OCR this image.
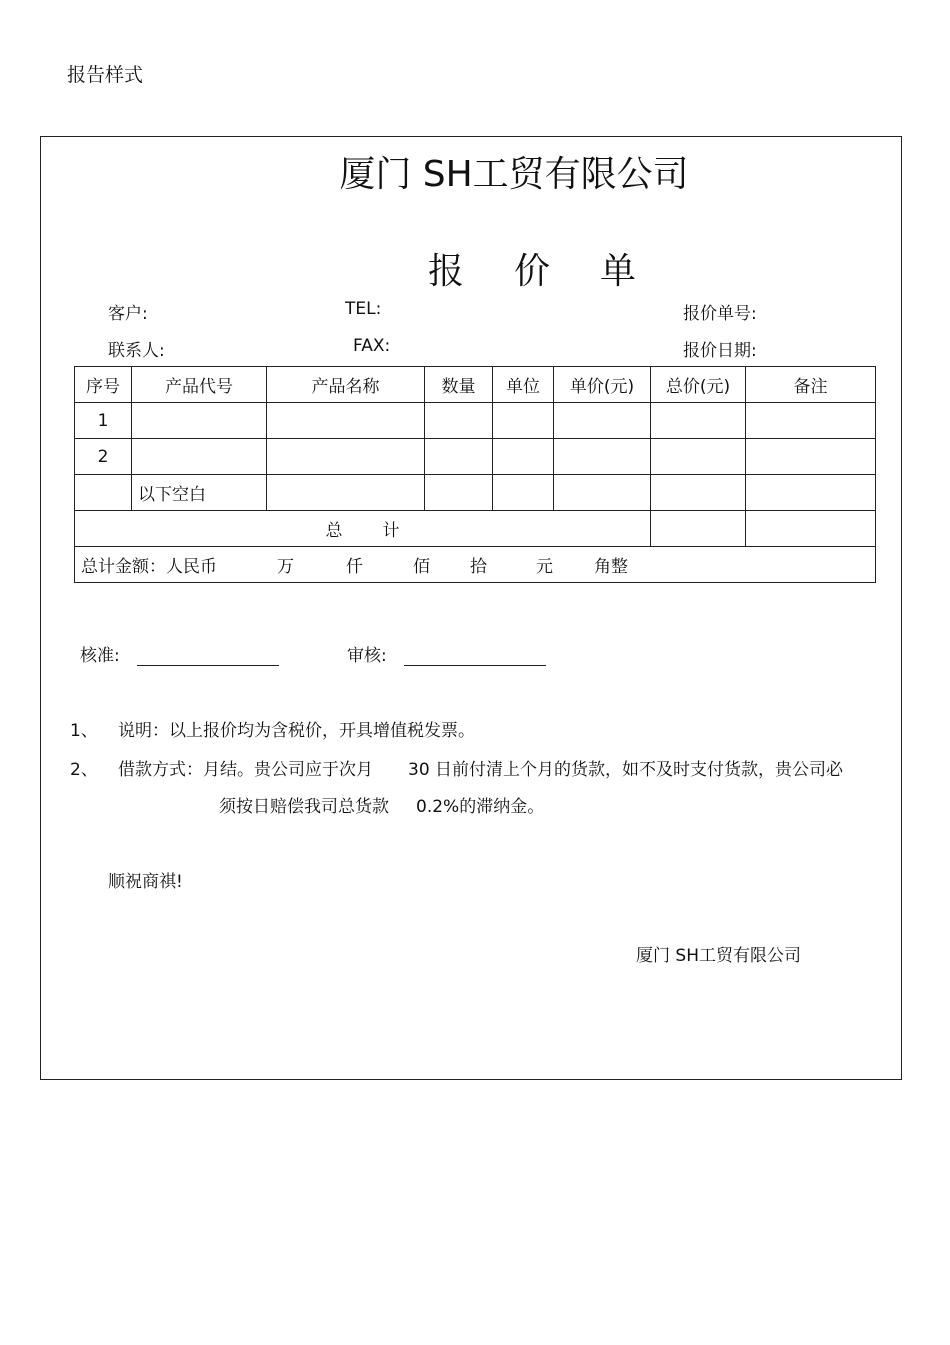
报告样式
厦门 SH工贸有限公司
报 价 单
客户:	TEL:	报价单号:
联系人:	FAX:	报价日期:
序号	产品代号	产品名称	数量	单位	单价(元)	总价(元)	备注
1							
2							
	以下空白						
总 计							
总计金额：人民币 万 仟 佰 拾 元 角整							
核准:	审核:
1、 说明：以上报价均为含税价，开具增值税发票。
2、 借款方式：月结。贵公司应于次月 30 日前付清上个月的货款，如不及时支付货款，贵公司必
须按日赔偿我司总货款 0.2%的滞纳金。
顺祝商祺!
厦门 SH工贸有限公司
